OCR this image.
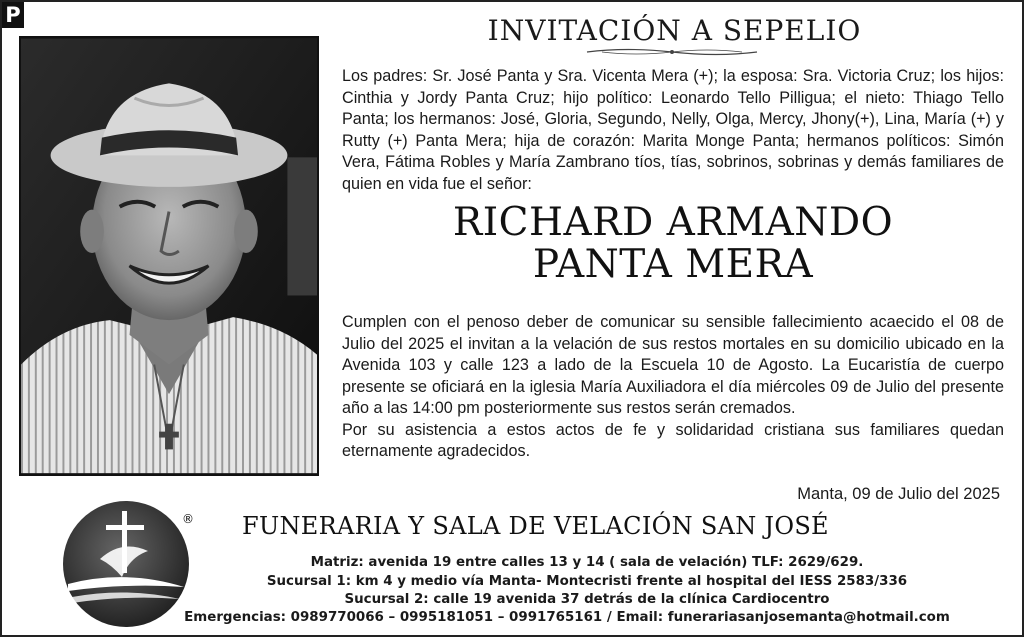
P	INVITACIÓN A SEPELIO
Los padres: Sr. José Panta y Sra. Vicenta Mera (+); la esposa: Sra. Victoria Cruz; los hijos: Cinthia y Jordy Panta Cruz; hijo político: Leonardo Tello Pilligua; el nieto: Thiago Tello Panta; los hermanos: José, Gloria, Segundo, Nelly, Olga, Mercy, Jhony(+), Lina, María (+) y Rutty (+) Panta Mera; hija de corazón: Marita Monge Panta; hermanos políticos: Simón Vera, Fátima Robles y María Zambrano tíos, tías, sobrinos, sobrinas y demás familiares de quien en vida fue el señor:
RICHARD ARMANDO
PANTA MERA

Cumplen con el penoso deber de comunicar su sensible fallecimiento acaecido el 08 de Julio del 2025 el invitan a la velación de sus restos mortales en su domicilio ubicado en la Avenida 103 y calle 123 a lado de la Escuela 10 de Agosto. La Eucaristía de cuerpo presente se oficiará en la iglesia María Auxiliadora el día miércoles 09 de Julio del presente año a las 14:00 pm posteriormente sus restos serán cremados.

Por su asistencia a estos actos de fe y solidaridad cristiana sus familiares quedan eternamente agradecidos.

Manta, 09 de Julio del 2025
® FUNERARIA Y SALA DE VELACIÓN SAN JOSÉ
Matriz: avenida 19 entre calles 13 y 14 ( sala de velación) TLF: 2629/629.
Sucursal 1: km 4 y medio vía Manta- Montecristi frente al hospital del IESS 2583/336
Sucursal 2: calle 19 avenida 37 detrás de la clínica Cardiocentro
Emergencias: 0989770066 – 0995181051 – 0991765161 / Email: funerariasanjosemanta@hotmail.com
